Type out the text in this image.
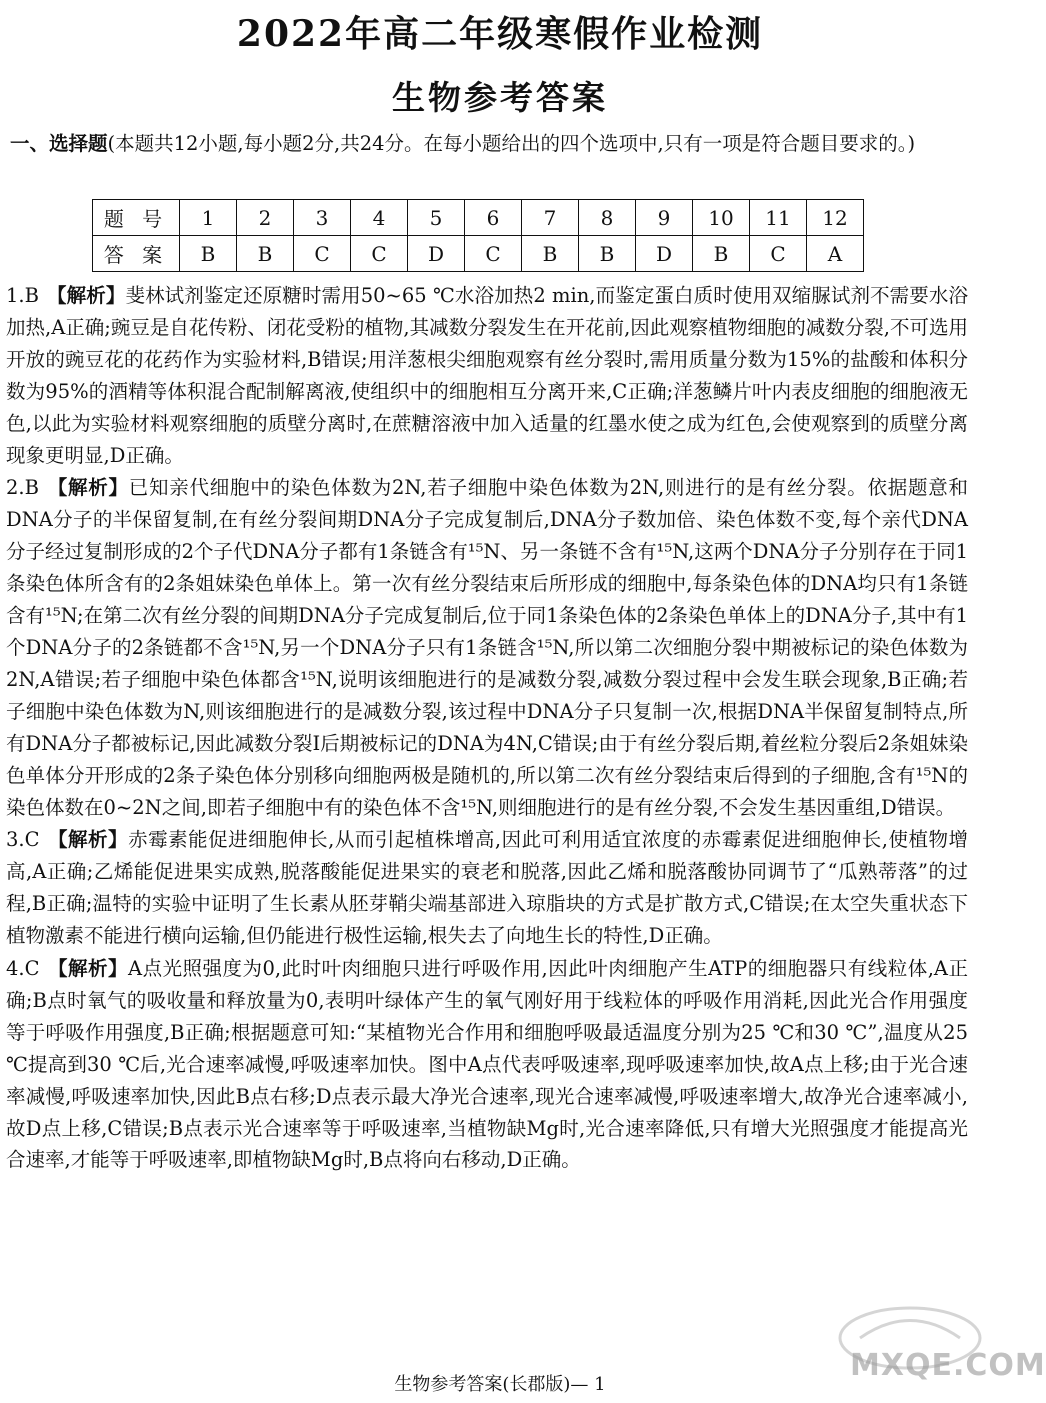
2022年高二年级寒假作业检测
生物参考答案
一、选择题(本题共12小题,每小题2分,共24分。在每小题给出的四个选项中,只有一项是符合题目要求的。)
题 号	1	2	3	4	5	6	7	8	9	10	11	12
答 案	B	B	C	C	D	C	B	B	D	B	C	A
1.B 【解析】斐林试剂鉴定还原糖时需用50~65 ℃水浴加热2 min,而鉴定蛋白质时使用双缩脲试剂不需要水浴加热,A正确;豌豆是自花传粉、闭花受粉的植物,其减数分裂发生在开花前,因此观察植物细胞的减数分裂,不可选用开放的豌豆花的花药作为实验材料,B错误;用洋葱根尖细胞观察有丝分裂时,需用质量分数为15%的盐酸和体积分数为95%的酒精等体积混合配制解离液,使组织中的细胞相互分离开来,C正确;洋葱鳞片叶内表皮细胞的细胞液无色,以此为实验材料观察细胞的质壁分离时,在蔗糖溶液中加入适量的红墨水使之成为红色,会使观察到的质壁分离现象更明显,D正确。
2.B 【解析】已知亲代细胞中的染色体数为2N,若子细胞中染色体数为2N,则进行的是有丝分裂。依据题意和DNA分子的半保留复制,在有丝分裂间期DNA分子完成复制后,DNA分子数加倍、染色体数不变,每个亲代DNA分子经过复制形成的2个子代DNA分子都有1条链含有¹⁵N、另一条链不含有¹⁵N,这两个DNA分子分别存在于同1条染色体所含有的2条姐妹染色单体上。第一次有丝分裂结束后所形成的细胞中,每条染色体的DNA均只有1条链含有¹⁵N;在第二次有丝分裂的间期DNA分子完成复制后,位于同1条染色体的2条染色单体上的DNA分子,其中有1个DNA分子的2条链都不含¹⁵N,另一个DNA分子只有1条链含¹⁵N,所以第二次细胞分裂中期被标记的染色体数为2N,A错误;若子细胞中染色体都含¹⁵N,说明该细胞进行的是减数分裂,减数分裂过程中会发生联会现象,B正确;若子细胞中染色体数为N,则该细胞进行的是减数分裂,该过程中DNA分子只复制一次,根据DNA半保留复制特点,所有DNA分子都被标记,因此减数分裂Ⅰ后期被标记的DNA为4N,C错误;由于有丝分裂后期,着丝粒分裂后2条姐妹染色单体分开形成的2条子染色体分别移向细胞两极是随机的,所以第二次有丝分裂结束后得到的子细胞,含有¹⁵N的染色体数在0~2N之间,即若子细胞中有的染色体不含¹⁵N,则细胞进行的是有丝分裂,不会发生基因重组,D错误。
3.C 【解析】赤霉素能促进细胞伸长,从而引起植株增高,因此可利用适宜浓度的赤霉素促进细胞伸长,使植物增高,A正确;乙烯能促进果实成熟,脱落酸能促进果实的衰老和脱落,因此乙烯和脱落酸协同调节了“瓜熟蒂落”的过程,B正确;温特的实验中证明了生长素从胚芽鞘尖端基部进入琼脂块的方式是扩散方式,C错误;在太空失重状态下植物激素不能进行横向运输,但仍能进行极性运输,根失去了向地生长的特性,D正确。
4.C 【解析】A点光照强度为0,此时叶肉细胞只进行呼吸作用,因此叶肉细胞产生ATP的细胞器只有线粒体,A正确;B点时氧气的吸收量和释放量为0,表明叶绿体产生的氧气刚好用于线粒体的呼吸作用消耗,因此光合作用强度等于呼吸作用强度,B正确;根据题意可知:“某植物光合作用和细胞呼吸最适温度分别为25 ℃和30 ℃”,温度从25 ℃提高到30 ℃后,光合速率减慢,呼吸速率加快。图中A点代表呼吸速率,现呼吸速率加快,故A点上移;由于光合速率减慢,呼吸速率加快,因此B点右移;D点表示最大净光合速率,现光合速率减慢,呼吸速率增大,故净光合速率减小,故D点上移,C错误;B点表示光合速率等于呼吸速率,当植物缺Mg时,光合速率降低,只有增大光照强度才能提高光合速率,才能等于呼吸速率,即植物缺Mg时,B点将向右移动,D正确。
MXQE.COM
生物参考答案(长郡版)— 1
